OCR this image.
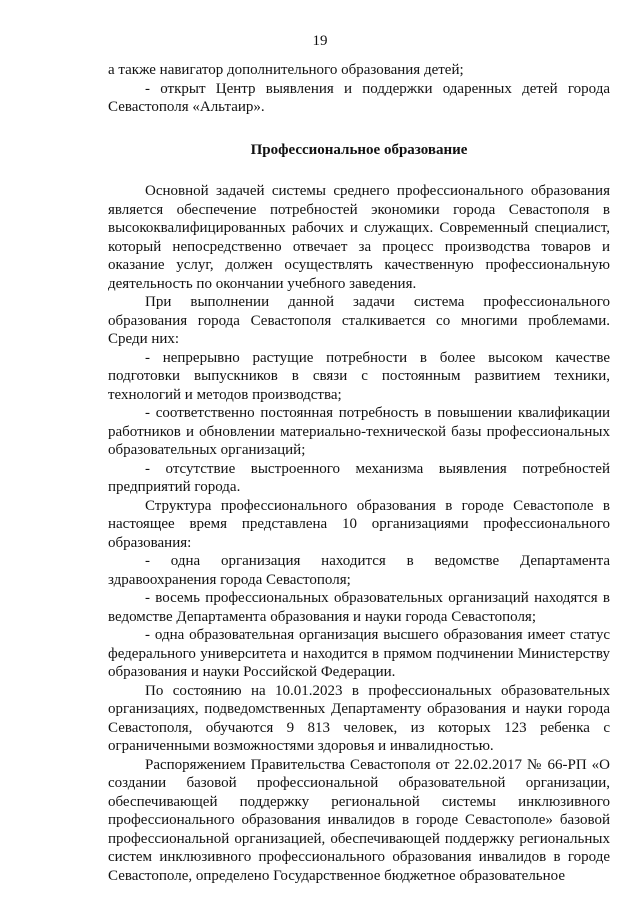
19

а также навигатор дополнительного образования детей;

- открыт Центр выявления и поддержки одаренных детей города Севастополя «Альтаир».

Профессиональное образование

Основной задачей системы среднего профессионального образования является обеспечение потребностей экономики города Севастополя в высококвалифицированных рабочих и служащих. Современный специалист, который непосредственно отвечает за процесс производства товаров и оказание услуг, должен осуществлять качественную профессиональную деятельность по окончании учебного заведения.

При выполнении данной задачи система профессионального образования города Севастополя сталкивается со многими проблемами. Среди них:

- непрерывно растущие потребности в более высоком качестве подготовки выпускников в связи с постоянным развитием техники, технологий и методов производства;

- соответственно постоянная потребность в повышении квалификации работников и обновлении материально-технической базы профессиональных образовательных организаций;

- отсутствие выстроенного механизма выявления потребностей предприятий города.

Структура профессионального образования в городе Севастополе в настоящее время представлена 10 организациями профессионального образования:

- одна организация находится в ведомстве Департамента здравоохранения города Севастополя;

- восемь профессиональных образовательных организаций находятся в ведомстве Департамента образования и науки города Севастополя;

- одна образовательная организация высшего образования имеет статус федерального университета и находится в прямом подчинении Министерству образования и науки Российской Федерации.

По состоянию на 10.01.2023 в профессиональных образовательных организациях, подведомственных Департаменту образования и науки города Севастополя, обучаются 9 813 человек, из которых 123 ребенка с ограниченными возможностями здоровья и инвалидностью.

Распоряжением Правительства Севастополя от 22.02.2017 № 66-РП «О создании базовой профессиональной образовательной организации, обеспечивающей поддержку региональной системы инклюзивного профессионального образования инвалидов в городе Севастополе» базовой профессиональной организацией, обеспечивающей поддержку региональных систем инклюзивного профессионального образования инвалидов в городе Севастополе, определено Государственное бюджетное образовательное
